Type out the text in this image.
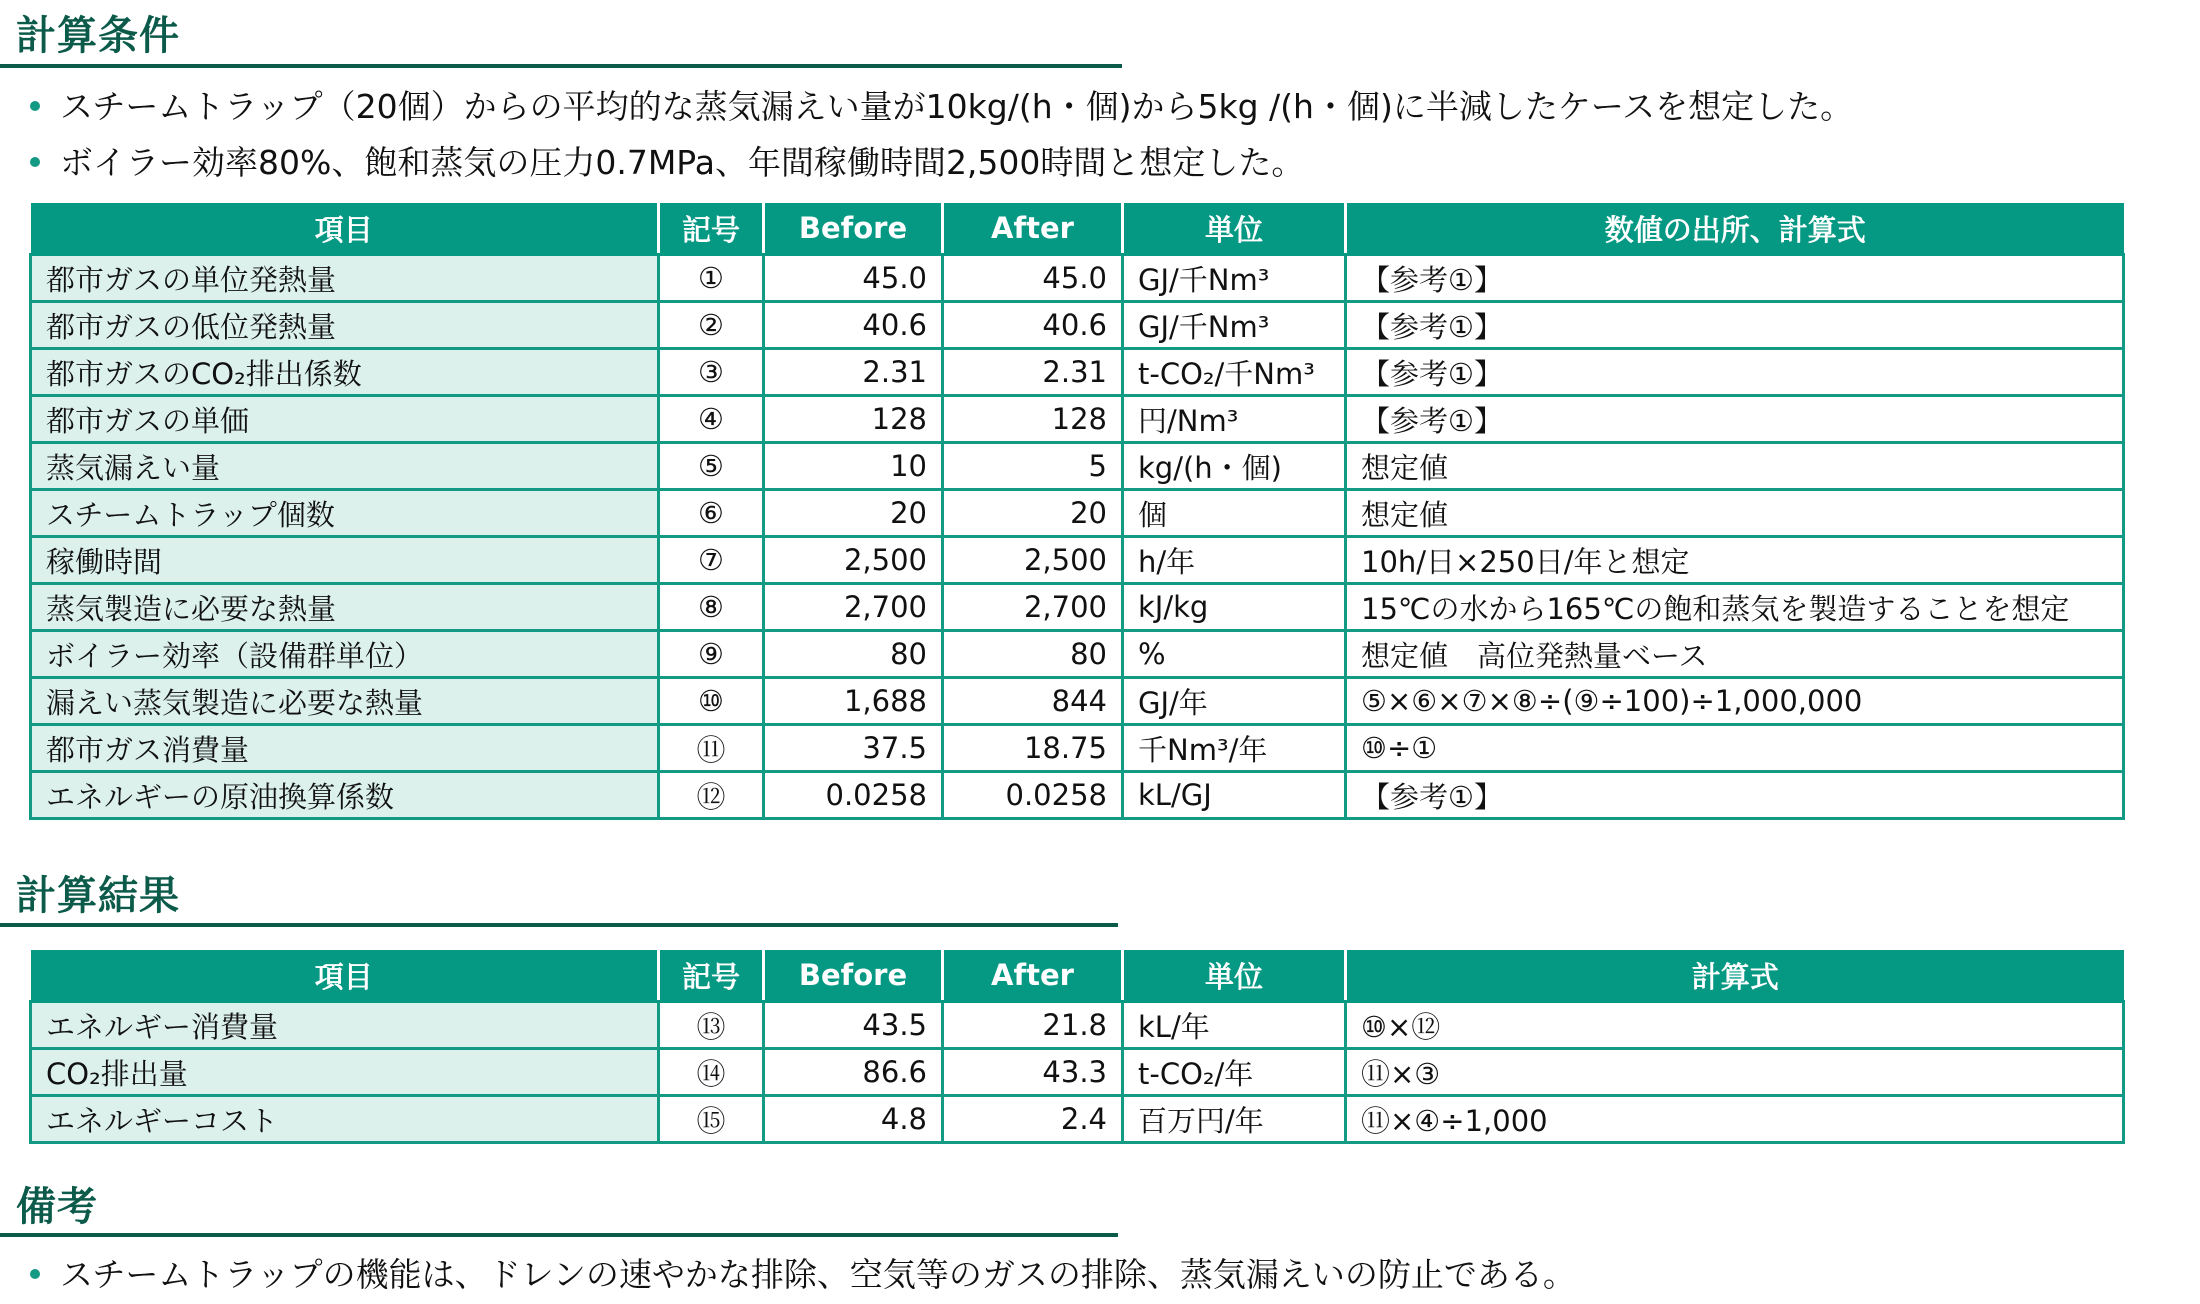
計算条件
スチームトラップ（20個）からの平均的な蒸気漏えい量が10kg/(h・個)から5kg /(h・個)に半減したケースを想定した。
ボイラー効率80%、飽和蒸気の圧力0.7MPa、年間稼働時間2,500時間と想定した。
項目	記号	Before	After	単位	数値の出所、計算式
都市ガスの単位発熱量	①	45.0	45.0	GJ/千Nm³	【参考①】
都市ガスの低位発熱量	②	40.6	40.6	GJ/千Nm³	【参考①】
都市ガスのCO₂排出係数	③	2.31	2.31	t-CO₂/千Nm³	【参考①】
都市ガスの単価	④	128	128	円/Nm³	【参考①】
蒸気漏えい量	⑤	10	5	kg/(h・個)	想定値
スチームトラップ個数	⑥	20	20	個	想定値
稼働時間	⑦	2,500	2,500	h/年	10h/日×250日/年と想定
蒸気製造に必要な熱量	⑧	2,700	2,700	kJ/kg	15℃の水から165℃の飽和蒸気を製造することを想定
ボイラー効率（設備群単位）	⑨	80	80	%	想定値　高位発熱量ベース
漏えい蒸気製造に必要な熱量	⑩	1,688	844	GJ/年	⑤×⑥×⑦×⑧÷(⑨÷100)÷1,000,000
都市ガス消費量	⑪	37.5	18.75	千Nm³/年	⑩÷①
エネルギーの原油換算係数	⑫	0.0258	0.0258	kL/GJ	【参考①】
計算結果
項目	記号	Before	After	単位	計算式
エネルギー消費量	⑬	43.5	21.8	kL/年	⑩×⑫
CO₂排出量	⑭	86.6	43.3	t-CO₂/年	⑪×③
エネルギーコスト	⑮	4.8	2.4	百万円/年	⑪×④÷1,000
備考
スチームトラップの機能は、ドレンの速やかな排除、空気等のガスの排除、蒸気漏えいの防止である。
